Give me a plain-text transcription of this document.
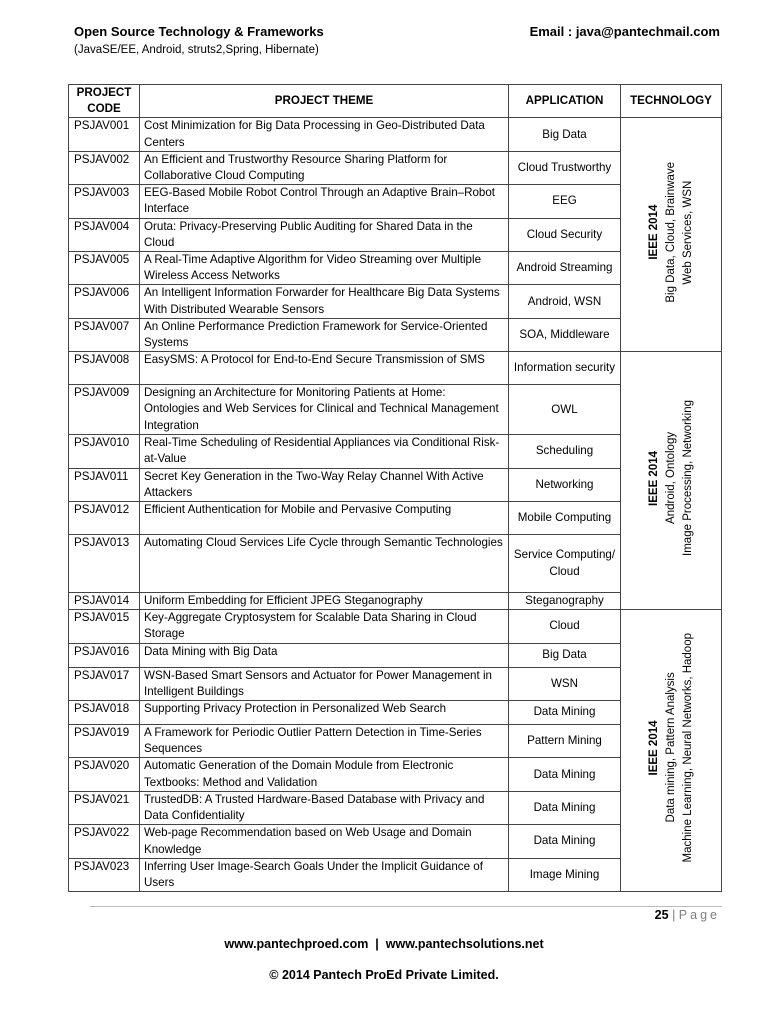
Open Source Technology & Frameworks
(JavaSE/EE, Android, struts2,Spring, Hibernate)
Email : java@pantechmail.com
PROJECT CODE	PROJECT THEME	APPLICATION	TECHNOLOGY
PSJAV001	Cost Minimization for Big Data Processing in Geo-Distributed Data Centers	Big Data	IEEE 2014 Big Data, Cloud, Brainwave Web Services, WSN

PSJAV002	An Efficient and Trustworthy Resource Sharing Platform for Collaborative Cloud Computing	Cloud Trustworthy	
PSJAV003	EEG-Based Mobile Robot Control Through an Adaptive Brain–Robot Interface	EEG	
PSJAV004	Oruta: Privacy-Preserving Public Auditing for Shared Data in the Cloud	Cloud Security	
PSJAV005	A Real-Time Adaptive Algorithm for Video Streaming over Multiple Wireless Access Networks	Android Streaming	
PSJAV006	An Intelligent Information Forwarder for Healthcare Big Data Systems With Distributed Wearable Sensors	Android, WSN	
PSJAV007	An Online Performance Prediction Framework for Service-Oriented Systems	SOA, Middleware	
PSJAV008	EasySMS: A Protocol for End-to-End Secure Transmission of SMS	Information security	IEEE 2014 Android, Ontology Image Processing, Networking

PSJAV009	Designing an Architecture for Monitoring Patients at Home: Ontologies and Web Services for Clinical and Technical Management Integration	OWL	
PSJAV010	Real-Time Scheduling of Residential Appliances via Conditional Risk-at-Value	Scheduling	
PSJAV011	Secret Key Generation in the Two-Way Relay Channel With Active Attackers	Networking	
PSJAV012	Efficient Authentication for Mobile and Pervasive Computing	Mobile Computing	
PSJAV013	Automating Cloud Services Life Cycle through Semantic Technologies	Service Computing/ Cloud	
PSJAV014	Uniform Embedding for Efficient JPEG Steganography	Steganography	
PSJAV015	Key-Aggregate Cryptosystem for Scalable Data Sharing in Cloud Storage	Cloud	IEEE 2014 Data mining, Pattern Analysis Machine Learning, Neural Networks, Hadoop

PSJAV016	Data Mining with Big Data	Big Data	
PSJAV017	WSN-Based Smart Sensors and Actuator for Power Management in Intelligent Buildings	WSN	
PSJAV018	Supporting Privacy Protection in Personalized Web Search	Data Mining	
PSJAV019	A Framework for Periodic Outlier Pattern Detection in Time-Series Sequences	Pattern Mining	
PSJAV020	Automatic Generation of the Domain Module from Electronic Textbooks: Method and Validation	Data Mining	
PSJAV021	TrustedDB: A Trusted Hardware-Based Database with Privacy and Data Confidentiality	Data Mining	
PSJAV022	Web-page Recommendation based on Web Usage and Domain Knowledge	Data Mining	
PSJAV023	Inferring User Image-Search Goals Under the Implicit Guidance of Users	Image Mining	
25 | Page
www.pantechproed.com  |  www.pantechsolutions.net
© 2014 Pantech ProEd Private Limited.
